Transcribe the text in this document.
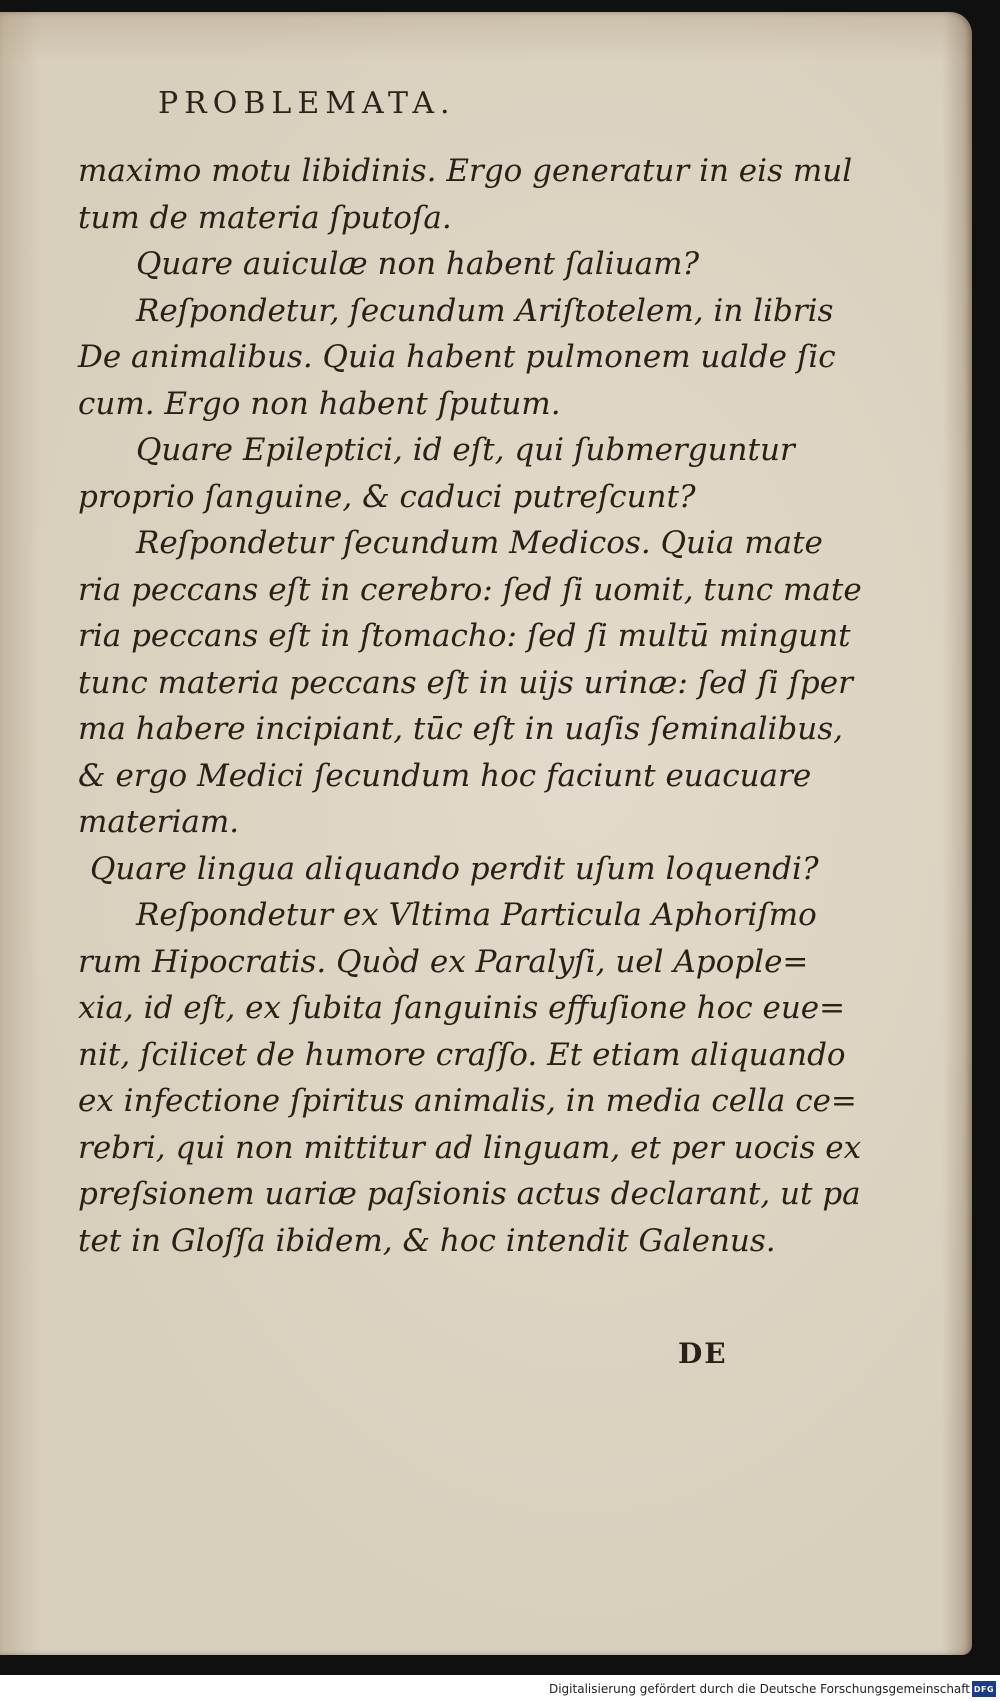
PROBLEMATA.
maximo motu libidinis. Ergo generatur in eis mul
tum de materia ſputoſa.
Quare auiculæ non habent ſaliuam?
Reſpondetur, ſecundum Ariſtotelem, in libris
De animalibus. Quia habent pulmonem ualde ſic
cum. Ergo non habent ſputum.
Quare Epileptici, id eſt, qui ſubmerguntur
proprio ſanguine, & caduci putreſcunt?
Reſpondetur ſecundum Medicos. Quia mate
ria peccans eſt in cerebro: ſed ſi uomit, tunc mate
ria peccans eſt in ſtomacho: ſed ſi multū mingunt
tunc materia peccans eſt in uijs urinæ: ſed ſi ſper
ma habere incipiant, tūc eſt in uaſis ſeminalibus,
& ergo Medici ſecundum hoc faciunt euacuare
materiam.
Quare lingua aliquando perdit uſum loquendi?
Reſpondetur ex Vltima Particula Aphoriſmo
rum Hipocratis. Quòd ex Paralyſi, uel Apople=
xia, id eſt, ex ſubita ſanguinis effuſione hoc eue=
nit, ſcilicet de humore craſſo. Et etiam aliquando
ex infectione ſpiritus animalis, in media cella ce=
rebri, qui non mittitur ad linguam, et per uocis ex
preſsionem uariæ paſsionis actus declarant, ut pa
tet in Gloſſa ibidem, & hoc intendit Galenus.
DE
Digitalisierung gefördert durch die Deutsche Forschungsgemeinschaft DFG
